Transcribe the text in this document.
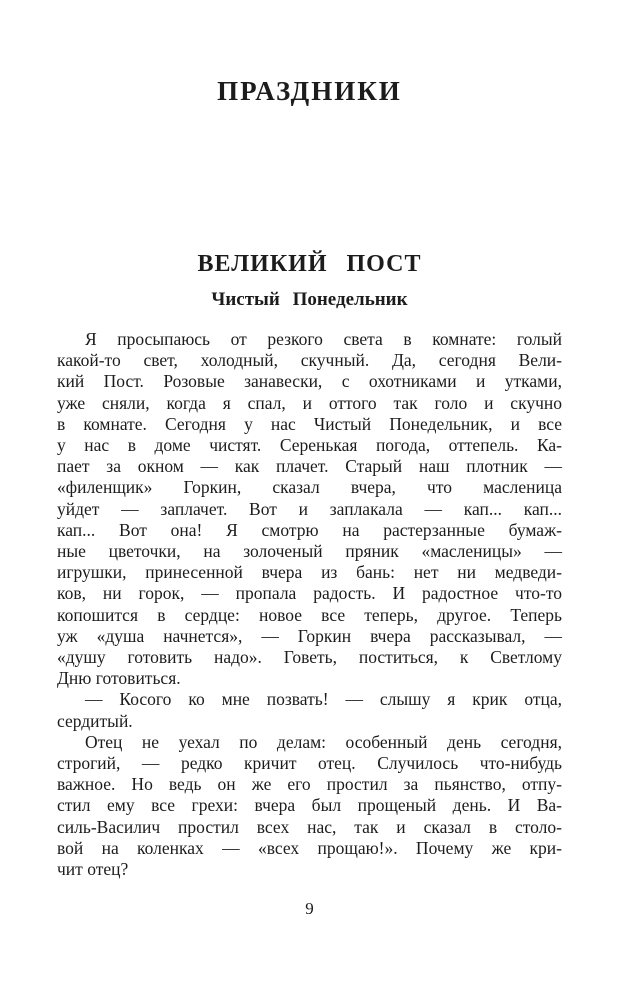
ПРАЗДНИКИ
ВЕЛИКИЙ ПОСТ
Чистый Понедельник
Я просыпаюсь от резкого света в комнате: голый
какой-то свет, холодный, скучный. Да, сегодня Вели-
кий Пост. Розовые занавески, с охотниками и утками,
уже сняли, когда я спал, и оттого так голо и скучно
в комнате. Сегодня у нас Чистый Понедельник, и все
у нас в доме чистят. Серенькая погода, оттепель. Ка-
пает за окном — как плачет. Старый наш плотник —
«филенщик» Горкин, сказал вчера, что масленица
уйдет — заплачет. Вот и заплакала — кап... кап...
кап... Вот она! Я смотрю на растерзанные бумаж-
ные цветочки, на золоченый пряник «масленицы» —
игрушки, принесенной вчера из бань: нет ни медведи-
ков, ни горок, — пропала радость. И радостное что-то
копошится в сердце: новое все теперь, другое. Теперь
уж «душа начнется», — Горкин вчера рассказывал, —
«душу готовить надо». Говеть, поститься, к Светлому
Дню готовиться.
— Косого ко мне позвать! — слышу я крик отца,
сердитый.
Отец не уехал по делам: особенный день сегодня,
строгий, — редко кричит отец. Случилось что-нибудь
важное. Но ведь он же его простил за пьянство, отпу-
стил ему все грехи: вчера был прощеный день. И Ва-
силь-Василич простил всех нас, так и сказал в столо-
вой на коленках — «всех прощаю!». Почему же кри-
чит отец?
9
